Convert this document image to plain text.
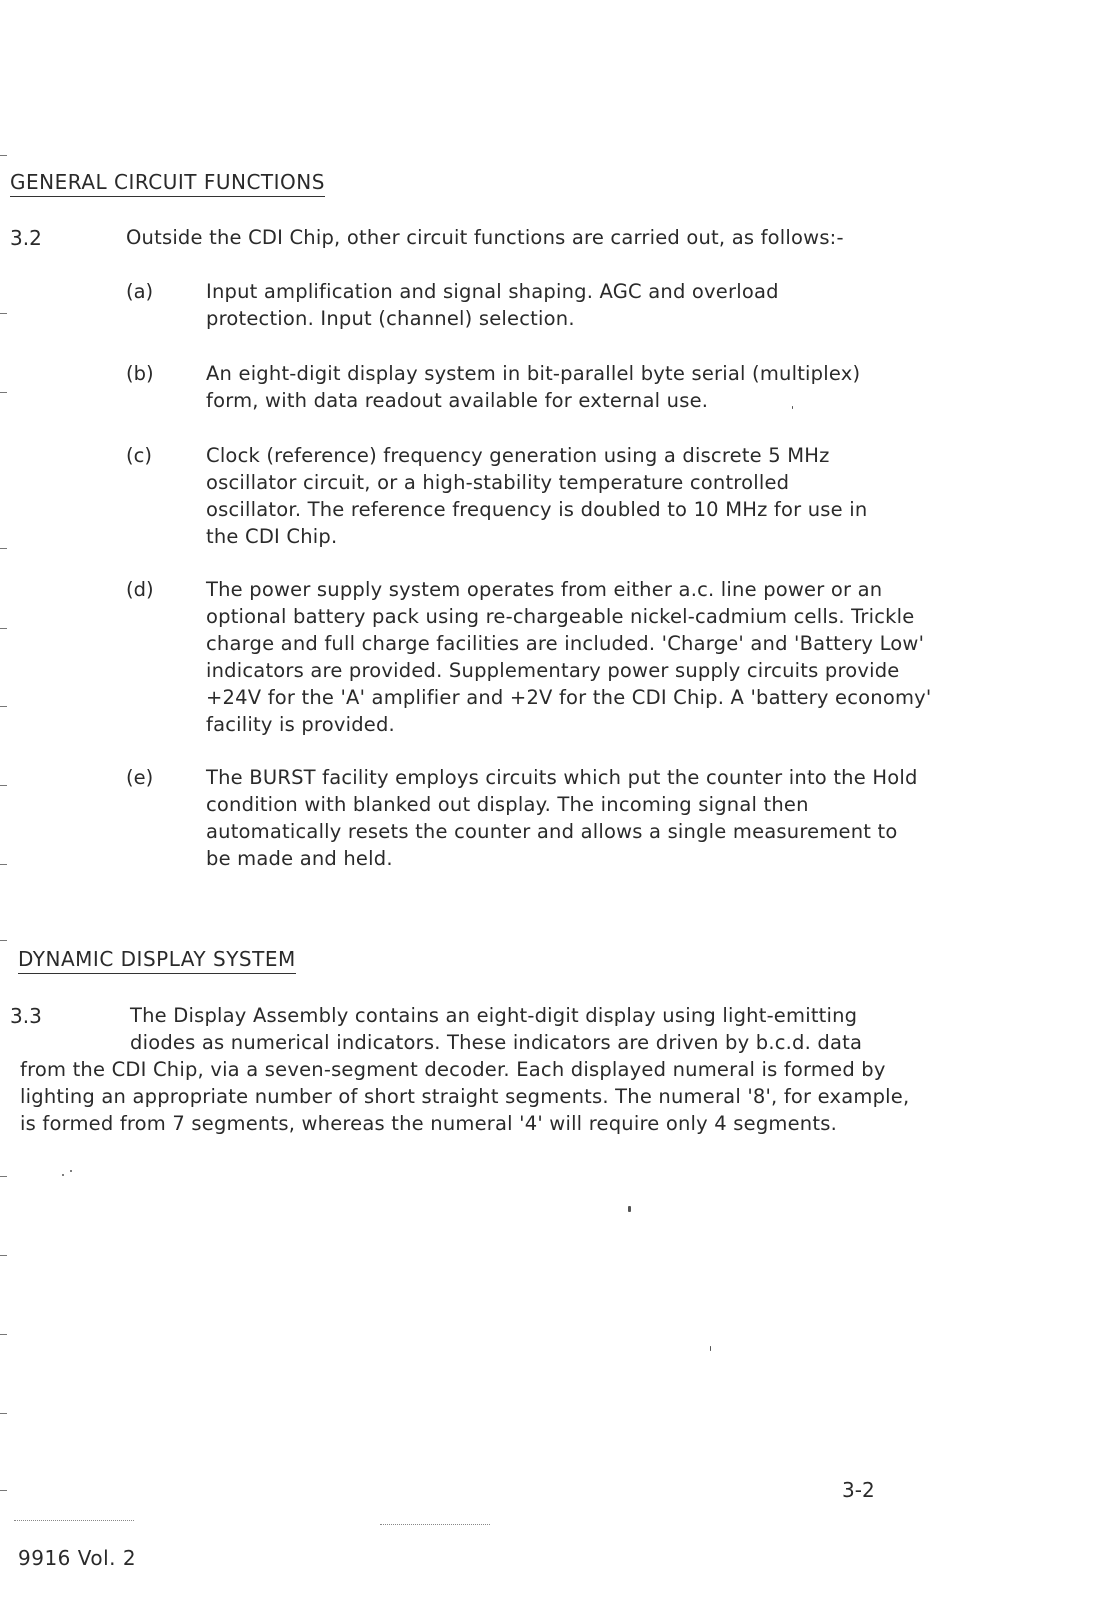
GENERAL CIRCUIT FUNCTIONS
3.2	Outside the CDI Chip, other circuit functions are carried out, as follows:-
(a)	Input amplification and signal shaping. AGC and overload protection. Input (channel) selection.

(b)	An eight-digit display system in bit-parallel byte serial (multiplex) form, with data readout available for external use.

(c)	Clock (reference) frequency generation using a discrete 5 MHz oscillator circuit, or a high-stability temperature controlled oscillator. The reference frequency is doubled to 10 MHz for use in the CDI Chip.

(d)	The power supply system operates from either a.c. line power or an optional battery pack using re-chargeable nickel-cadmium cells. Trickle charge and full charge facilities are included. 'Charge' and 'Battery Low' indicators are provided. Supplementary power supply circuits provide +24V for the 'A' amplifier and +2V for the CDI Chip. A 'battery economy' facility is provided.

(e)	The BURST facility employs circuits which put the counter into the Hold condition with blanked out display. The incoming signal then automatically resets the counter and allows a single measurement to be made and held.

DYNAMIC DISPLAY SYSTEM
3.3	The Display Assembly contains an eight-digit display using light-emitting
diodes as numerical indicators. These indicators are driven by b.c.d. data
from the CDI Chip, via a seven-segment decoder. Each displayed numeral is formed by
lighting an appropriate number of short straight segments. The numeral '8', for example,
is formed from 7 segments, whereas the numeral '4' will require only 4 segments.
3-2
9916 Vol. 2
